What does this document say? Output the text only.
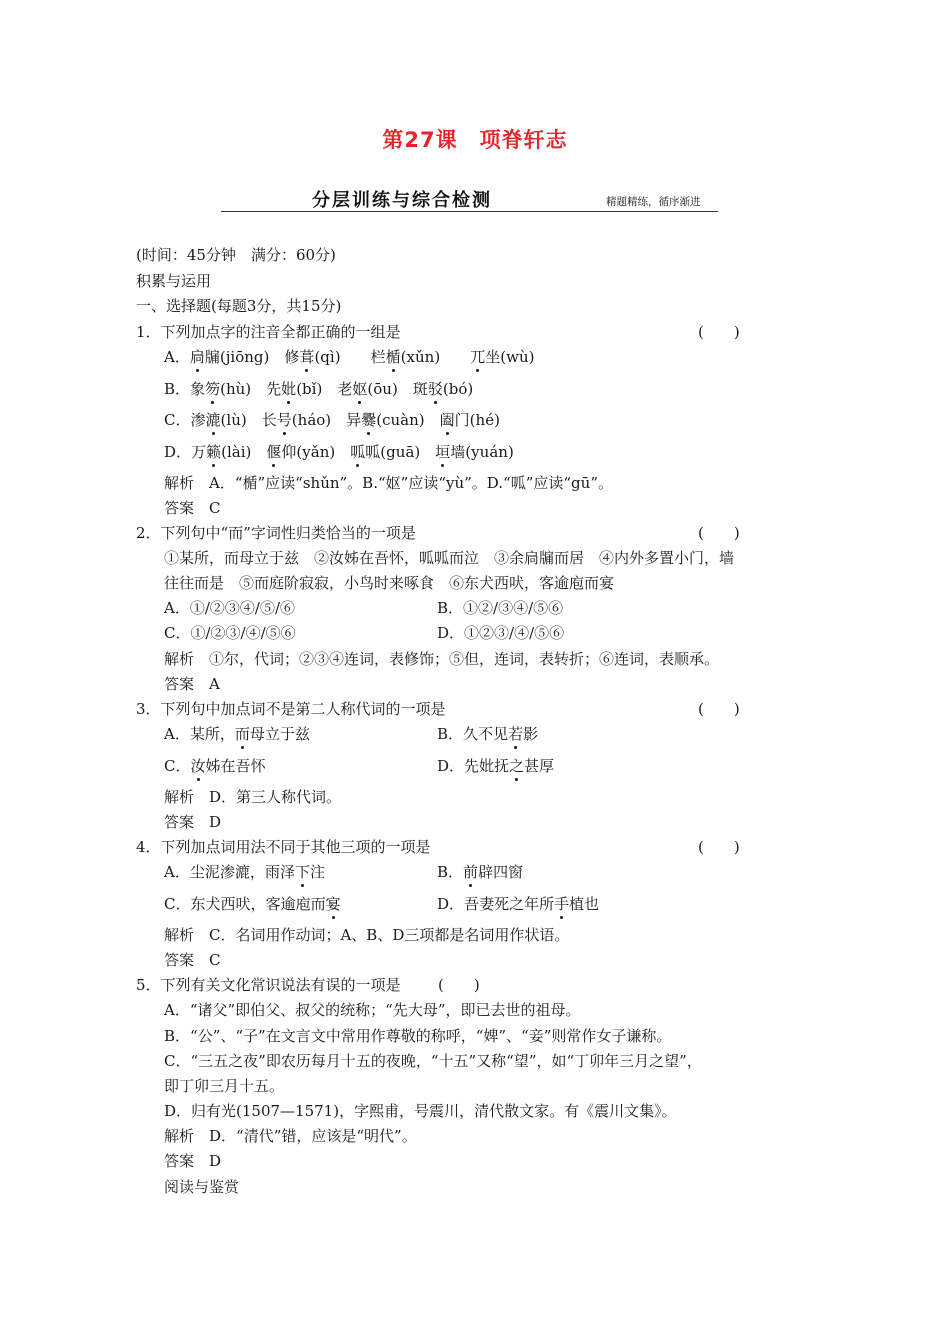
第27课　项脊轩志
分层训练与综合检测	精题精练，循序渐进
(时间：45分钟　满分：60分)
积累与运用
一、选择题(每题3分，共15分)
1．下列加点字的注音全都正确的一组是	(　　)
A．扃牖(jiōng)　 修葺(qì)　　 栏楯(xǔn)　　 兀坐(wù)
B．象笏(hù)　 先妣(bǐ)　 老妪(ōu)　 斑驳(bó)
C．渗漉(lù)　 长号(háo)　 异爨(cuàn)　 阖门(hé)
D．万籁(lài)　 偃仰(yǎn)　 呱呱(guā)　 垣墙(yuán)
解析　A．“楯”应读“shǔn”。B.“妪”应读“yù”。D.“呱”应读“gū”。
答案　C
2．下列句中“而”字词性归类恰当的一项是	(　　)
①某所，而母立于兹　②汝姊在吾怀，呱呱而泣　③余扃牖而居　④内外多置小门，墙
往往而是　⑤而庭阶寂寂，小鸟时来啄食　⑥东犬西吠，客逾庖而宴
A．①/②③④/⑤/⑥	B．①②/③④/⑤⑥
C．①/②③/④/⑤⑥	D．①②③/④/⑤⑥
解析　①尔，代词；②③④连词，表修饰；⑤但，连词，表转折；⑥连词，表顺承。
答案　A
3．下列句中加点词不是第二人称代词的一项是	(　　)
A．某所，而母立于兹	B．久不见若影
C．汝姊在吾怀	D．先妣抚之甚厚
解析　D．第三人称代词。
答案　D
4．下列加点词用法不同于其他三项的一项是	(　　)
A．尘泥渗漉，雨泽下注	B．前辟四窗
C．东犬西吠，客逾庖而宴	D．吾妻死之年所手植也
解析　C．名词用作动词；A、B、D三项都是名词用作状语。
答案　C
5．下列有关文化常识说法有误的一项是 (　　)
A．“诸父”即伯父、叔父的统称；“先大母”，即已去世的祖母。
B．“公”、“子”在文言文中常用作尊敬的称呼，“婢”、“妾”则常作女子谦称。
C．“三五之夜”即农历每月十五的夜晚，“十五”又称“望”，如“丁卯年三月之望”，
即丁卯三月十五。
D．归有光(1507—1571)，字熙甫，号震川，清代散文家。有《震川文集》。
解析　D．“清代”错，应该是“明代”。
答案　D
阅读与鉴赏
